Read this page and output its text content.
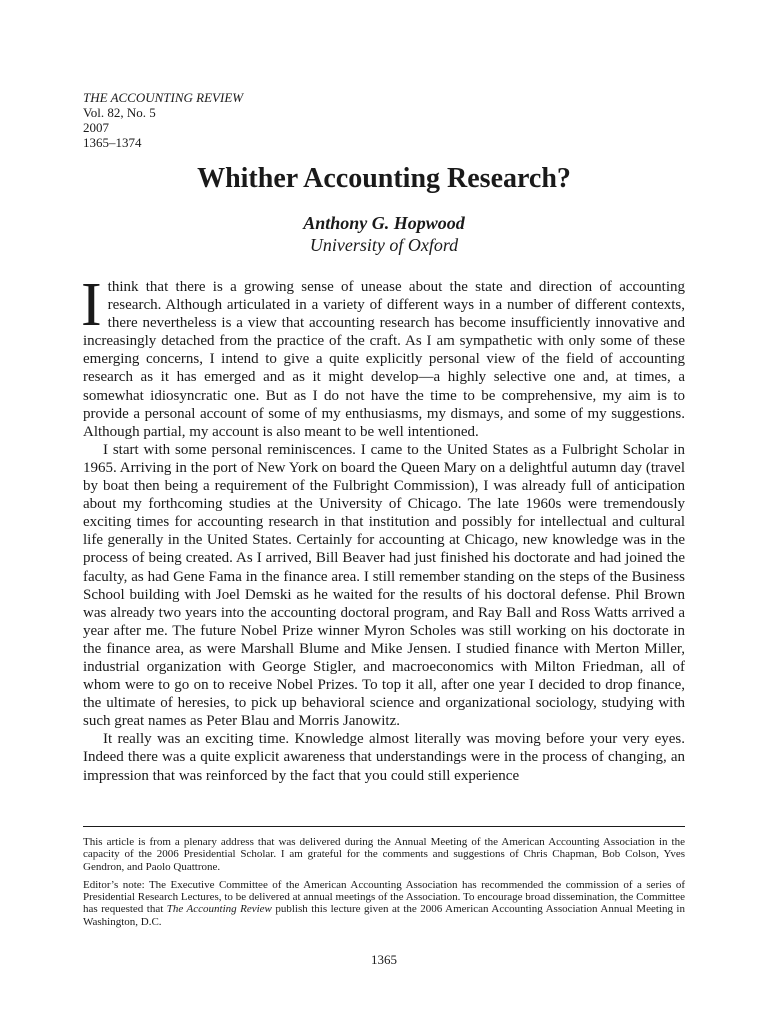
THE ACCOUNTING REVIEW
Vol. 82, No. 5
2007
1365–1374
Whither Accounting Research?
Anthony G. Hopwood
University of Oxford

Ithink that there is a growing sense of unease about the state and direction of accounting research. Although articulated in a variety of different ways in a number of different contexts, there nevertheless is a view that accounting research has become insufficiently innovative and increasingly detached from the practice of the craft. As I am sympathetic with only some of these emerging concerns, I intend to give a quite explicitly personal view of the field of accounting research as it has emerged and as it might develop—a highly selective one and, at times, a somewhat idiosyncratic one. But as I do not have the time to be comprehensive, my aim is to provide a personal account of some of my enthusiasms, my dismays, and some of my suggestions. Although partial, my account is also meant to be well intentioned.

I start with some personal reminiscences. I came to the United States as a Fulbright Scholar in 1965. Arriving in the port of New York on board the Queen Mary on a delightful autumn day (travel by boat then being a requirement of the Fulbright Commission), I was already full of anticipation about my forthcoming studies at the University of Chicago. The late 1960s were tremendously exciting times for accounting research in that institution and possibly for intellectual and cultural life generally in the United States. Certainly for accounting at Chicago, new knowledge was in the process of being created. As I arrived, Bill Beaver had just finished his doctorate and had joined the faculty, as had Gene Fama in the finance area. I still remember standing on the steps of the Business School building with Joel Demski as he waited for the results of his doctoral defense. Phil Brown was already two years into the accounting doctoral program, and Ray Ball and Ross Watts arrived a year after me. The future Nobel Prize winner Myron Scholes was still working on his doctorate in the finance area, as were Marshall Blume and Mike Jensen. I studied finance with Merton Miller, industrial organization with George Stigler, and macroeconomics with Milton Friedman, all of whom were to go on to receive Nobel Prizes. To top it all, after one year I decided to drop finance, the ultimate of heresies, to pick up behavioral science and organizational sociology, studying with such great names as Peter Blau and Morris Janowitz.

It really was an exciting time. Knowledge almost literally was moving before your very eyes. Indeed there was a quite explicit awareness that understandings were in the process of changing, an impression that was reinforced by the fact that you could still experience

This article is from a plenary address that was delivered during the Annual Meeting of the American Accounting Association in the capacity of the 2006 Presidential Scholar. I am grateful for the comments and suggestions of Chris Chapman, Bob Colson, Yves Gendron, and Paolo Quattrone.

Editor’s note: The Executive Committee of the American Accounting Association has recommended the commission of a series of Presidential Research Lectures, to be delivered at annual meetings of the Association. To encourage broad dissemination, the Committee has requested that The Accounting Review publish this lecture given at the 2006 American Accounting Association Annual Meeting in Washington, D.C.

1365
